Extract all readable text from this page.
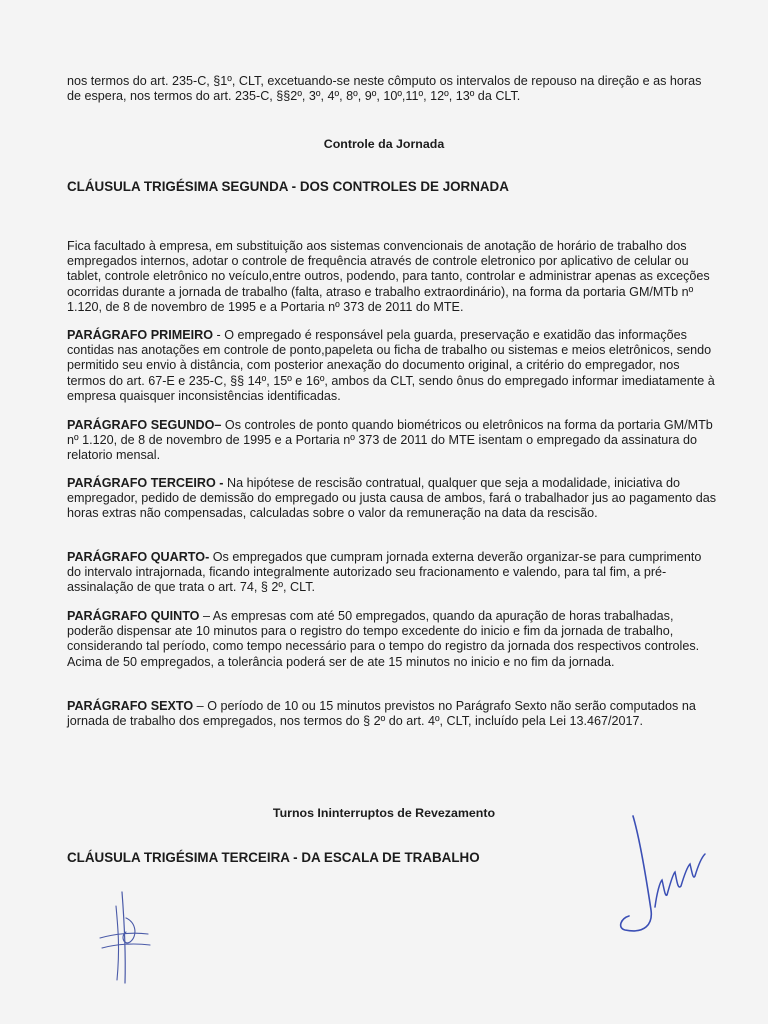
nos termos do art. 235-C, §1º, CLT, excetuando-se neste cômputo os intervalos de repouso na direção e as horas de espera, nos termos do art. 235-C, §§2º, 3º, 4º, 8º, 9º, 10º,11º, 12º, 13º da CLT.

Controle da Jornada

CLÁUSULA TRIGÉSIMA SEGUNDA - DOS CONTROLES DE JORNADA

Fica facultado à empresa, em substituição aos sistemas convencionais de anotação de horário de trabalho dos empregados internos, adotar o controle de frequência através de controle eletronico por aplicativo de celular ou tablet, controle eletrônico no veículo,entre outros, podendo, para tanto, controlar e administrar apenas as exceções ocorridas durante a jornada de trabalho (falta, atraso e trabalho extraordinário), na forma da portaria GM/MTb nº 1.120, de 8 de novembro de 1995 e a Portaria nº 373 de 2011 do MTE.

PARÁGRAFO PRIMEIRO - O empregado é responsável pela guarda, preservação e exatidão das informações contidas nas anotações em controle de ponto,papeleta ou ficha de trabalho ou sistemas e meios eletrônicos, sendo permitido seu envio à distância, com posterior anexação do documento original, a critério do empregador, nos termos do art. 67-E e 235-C, §§ 14º, 15º e 16º, ambos da CLT, sendo ônus do empregado informar imediatamente à empresa quaisquer inconsistências identificadas.

PARÁGRAFO SEGUNDO– Os controles de ponto quando biométricos ou eletrônicos na forma da portaria GM/MTb nº 1.120, de 8 de novembro de 1995 e a Portaria nº 373 de 2011 do MTE isentam o empregado da assinatura do relatorio mensal.

PARÁGRAFO TERCEIRO - Na hipótese de rescisão contratual, qualquer que seja a modalidade, iniciativa do empregador, pedido de demissão do empregado ou justa causa de ambos, fará o trabalhador jus ao pagamento das horas extras não compensadas, calculadas sobre o valor da remuneração na data da rescisão.

PARÁGRAFO QUARTO- Os empregados que cumpram jornada externa deverão organizar-se para cumprimento do intervalo intrajornada, ficando integralmente autorizado seu fracionamento e valendo, para tal fim, a pré-assinalação de que trata o art. 74, § 2º, CLT.

PARÁGRAFO QUINTO – As empresas com até 50 empregados, quando da apuração de horas trabalhadas, poderão dispensar ate 10 minutos para o registro do tempo excedente do inicio e fim da jornada de trabalho, considerando tal período, como tempo necessário para o tempo do registro da jornada dos respectivos controles. Acima de 50 empregados, a tolerância poderá ser de ate 15 minutos no inicio e no fim da jornada.

PARÁGRAFO SEXTO – O período de 10 ou 15 minutos previstos no Parágrafo Sexto não serão computados na jornada de trabalho dos empregados, nos termos do § 2º do art. 4º, CLT, incluído pela Lei 13.467/2017.

Turnos Ininterruptos de Revezamento

CLÁUSULA TRIGÉSIMA TERCEIRA - DA ESCALA DE TRABALHO
